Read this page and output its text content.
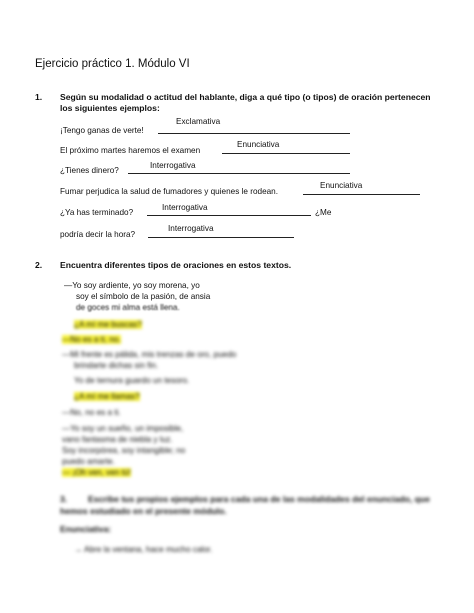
Ejercicio práctico 1. Módulo VI
1. Según su modalidad o actitud del hablante, diga a qué tipo (o tipos) de oración pertenecen
los siguientes ejemplos:
¡Tengo ganas de verte!
Exclamativa
El próximo martes haremos el examen
Enunciativa
¿Tienes dinero?
Interrogativa
Fumar perjudica la salud de fumadores y quienes le rodean.
Enunciativa
¿Ya has terminado?
Interrogativa
¿Me
podría decir la hora?
Interrogativa
2. Encuentra diferentes tipos de oraciones en estos textos.
—Yo soy ardiente, yo soy morena, yo
soy el símbolo de la pasión, de ansia
de goces mi alma está llena.
¿A mí me buscas?
—No es a ti, no.
—Mi frente es pálida, mis trenzas de oro, puedo
brindarte dichas sin fin.
Yo de ternura guardo un tesoro.
¿A mí me llamas?
—No, no es a ti.
—Yo soy un sueño, un imposible,
vano fantasma de niebla y luz.
Soy incorpórea, soy intangible; no
puedo amarte.
— ¡Oh ven, ven tú!
3. Escribe tus propios ejemplos para cada una de las modalidades del enunciado, que
hemos estudiado en el presente módulo.
Enunciativa:
→ Abre la ventana, hace mucho calor.
